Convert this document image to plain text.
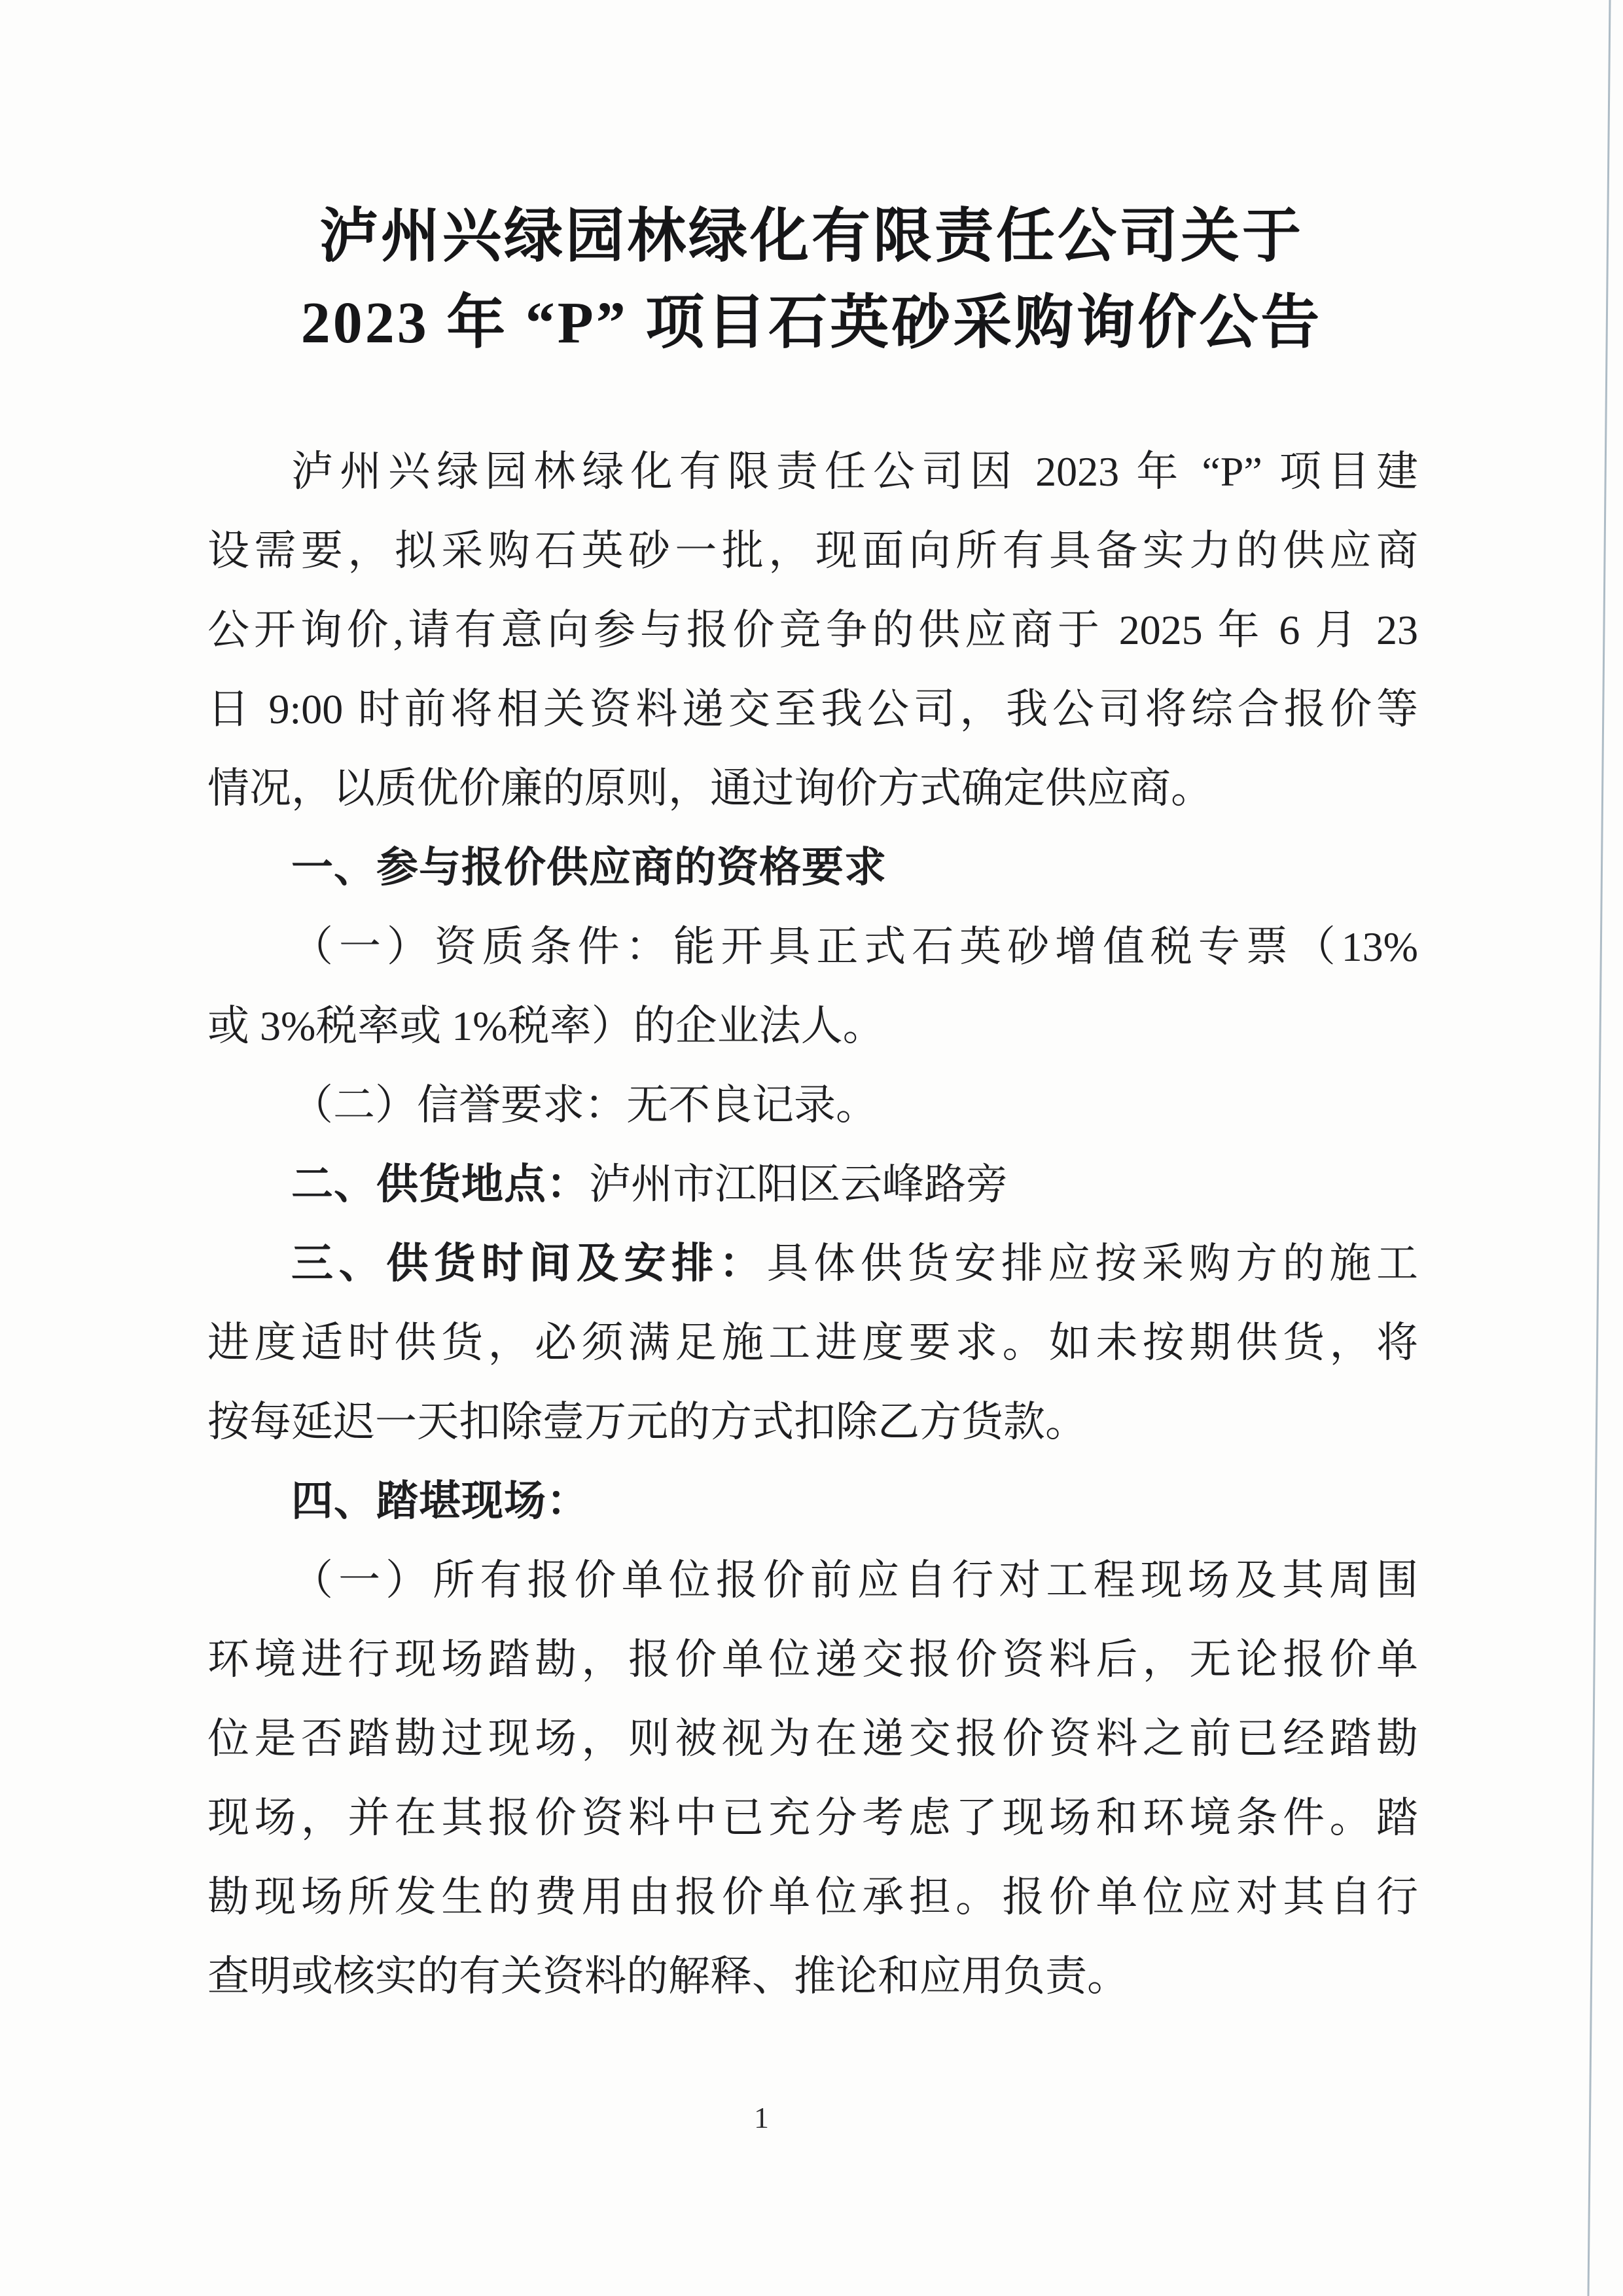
泸州兴绿园林绿化有限责任公司关于
2023 年 “P” 项目石英砂采购询价公告
泸州兴绿园林绿化有限责任公司因 2023 年 “P” 项目建
设需要，拟采购石英砂一批，现面向所有具备实力的供应商
公开询价,请有意向参与报价竞争的供应商于 2025 年 6 月 23
日 9:00 时前将相关资料递交至我公司，我公司将综合报价等
情况，以质优价廉的原则，通过询价方式确定供应商。
一、参与报价供应商的资格要求
（一）资质条件：能开具正式石英砂增值税专票（13%
或 3%税率或 1%税率）的企业法人。
（二）信誉要求：无不良记录。
二、供货地点：泸州市江阳区云峰路旁
三、供货时间及安排：具体供货安排应按采购方的施工
进度适时供货，必须满足施工进度要求。如未按期供货，将
按每延迟一天扣除壹万元的方式扣除乙方货款。
四、踏堪现场：
（一）所有报价单位报价前应自行对工程现场及其周围
环境进行现场踏勘，报价单位递交报价资料后，无论报价单
位是否踏勘过现场，则被视为在递交报价资料之前已经踏勘
现场，并在其报价资料中已充分考虑了现场和环境条件。踏
勘现场所发生的费用由报价单位承担。报价单位应对其自行
查明或核实的有关资料的解释、推论和应用负责。
1
